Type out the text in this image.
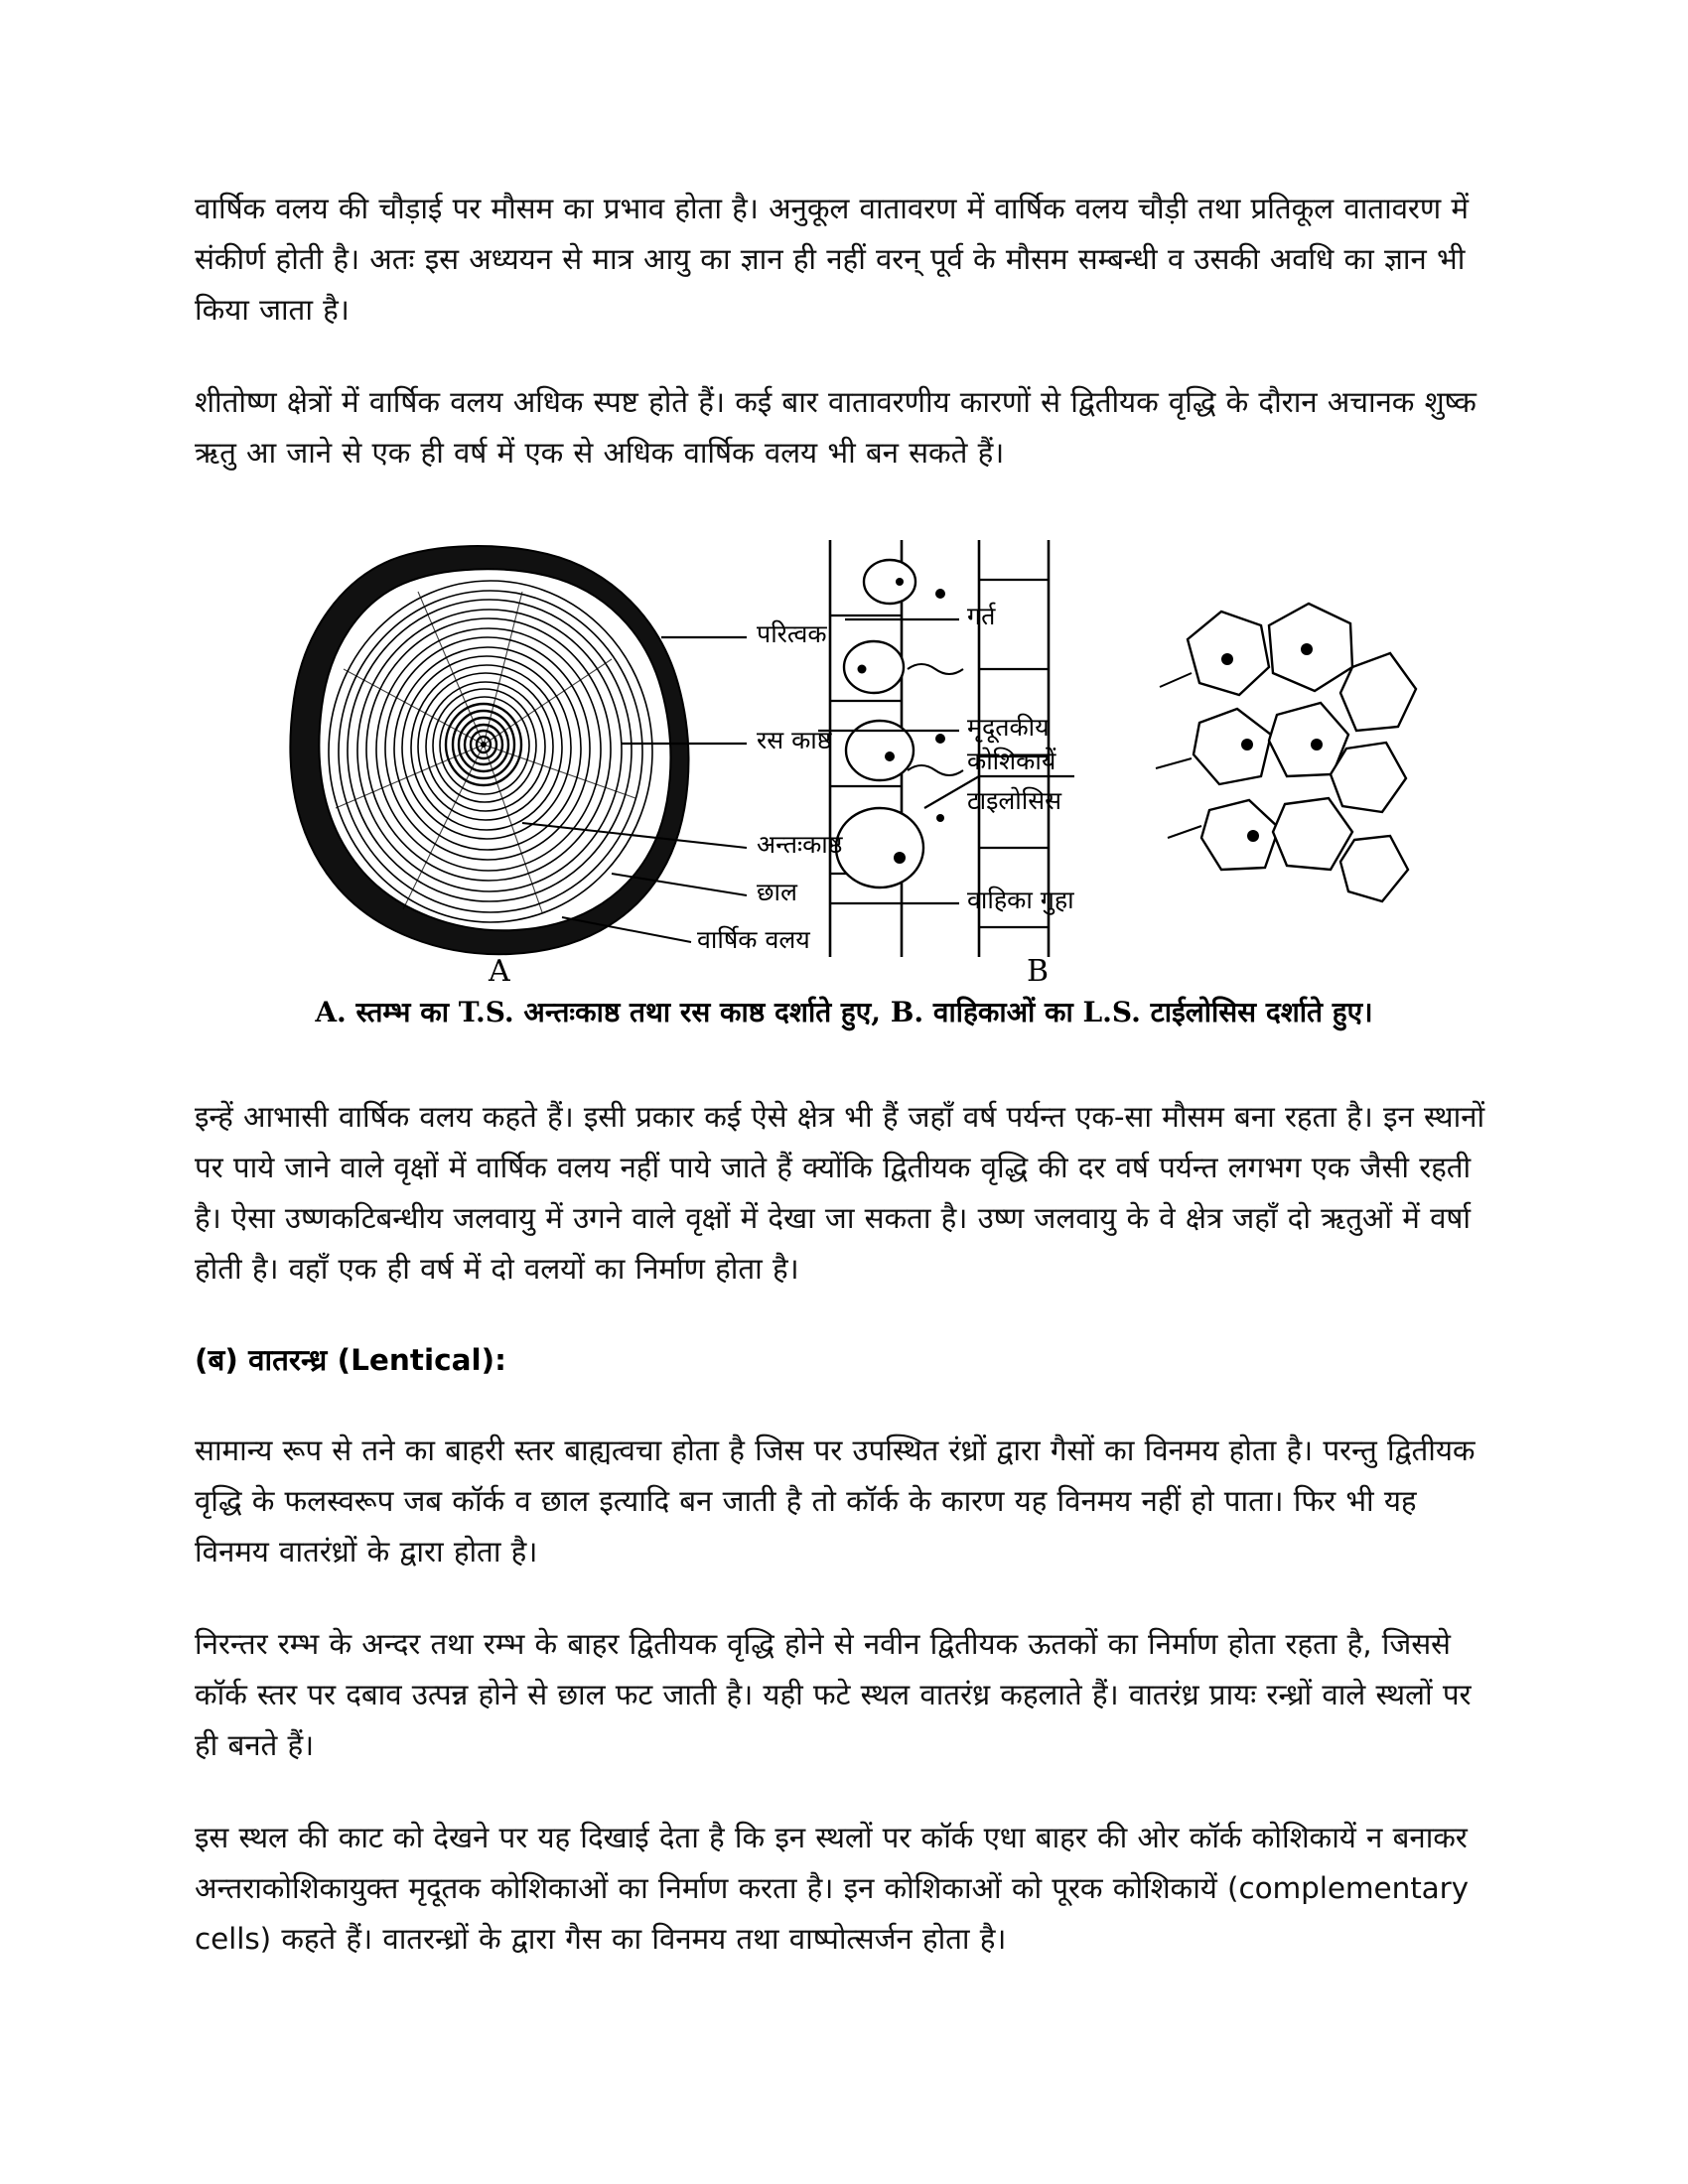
वार्षिक वलय की चौड़ाई पर मौसम का प्रभाव होता है। अनुकूल वातावरण में वार्षिक वलय चौड़ी तथा प्रतिकूल वातावरण में संकीर्ण होती है। अतः इस अध्ययन से मात्र आयु का ज्ञान ही नहीं वरन् पूर्व के मौसम सम्बन्धी व उसकी अवधि का ज्ञान भी किया जाता है।

शीतोष्ण क्षेत्रों में वार्षिक वलय अधिक स्पष्ट होते हैं। कई बार वातावरणीय कारणों से द्वितीयक वृद्धि के दौरान अचानक शुष्क ऋतु आ जाने से एक ही वर्ष में एक से अधिक वार्षिक वलय भी बन सकते हैं।

परित्वक
रस काष्ठ
अन्तःकाष्ठ
छाल
वार्षिक वलय
A
गर्त
मृदूतकीय
कोशिकायें
टाइलोसिस
वाहिका गुहा
B
A. स्तम्भ का T.S. अन्तःकाष्ठ तथा रस काष्ठ दर्शाते हुए, B. वाहिकाओं का L.S. टाईलोसिस दर्शाते हुए।

इन्हें आभासी वार्षिक वलय कहते हैं। इसी प्रकार कई ऐसे क्षेत्र भी हैं जहाँ वर्ष पर्यन्त एक-सा मौसम बना रहता है। इन स्थानों पर पाये जाने वाले वृक्षों में वार्षिक वलय नहीं पाये जाते हैं क्योंकि द्वितीयक वृद्धि की दर वर्ष पर्यन्त लगभग एक जैसी रहती है। ऐसा उष्णकटिबन्धीय जलवायु में उगने वाले वृक्षों में देखा जा सकता है। उष्ण जलवायु के वे क्षेत्र जहाँ दो ऋतुओं में वर्षा होती है। वहाँ एक ही वर्ष में दो वलयों का निर्माण होता है।

(ब) वातरन्ध्र (Lentical):

सामान्य रूप से तने का बाहरी स्तर बाह्यत्वचा होता है जिस पर उपस्थित रंध्रों द्वारा गैसों का विनमय होता है। परन्तु द्वितीयक वृद्धि के फलस्वरूप जब कॉर्क व छाल इत्यादि बन जाती है तो कॉर्क के कारण यह विनमय नहीं हो पाता। फिर भी यह विनमय वातरंध्रों के द्वारा होता है।

निरन्तर रम्भ के अन्दर तथा रम्भ के बाहर द्वितीयक वृद्धि होने से नवीन द्वितीयक ऊतकों का निर्माण होता रहता है, जिससे कॉर्क स्तर पर दबाव उत्पन्न होने से छाल फट जाती है। यही फटे स्थल वातरंध्र कहलाते हैं। वातरंध्र प्रायः रन्ध्रों वाले स्थलों पर ही बनते हैं।

इस स्थल की काट को देखने पर यह दिखाई देता है कि इन स्थलों पर कॉर्क एधा बाहर की ओर कॉर्क कोशिकायें न बनाकर अन्तराकोशिकायुक्त मृदूतक कोशिकाओं का निर्माण करता है। इन कोशिकाओं को पूरक कोशिकायें (complementary cells) कहते हैं। वातरन्ध्रों के द्वारा गैस का विनमय तथा वाष्पोत्सर्जन होता है।
